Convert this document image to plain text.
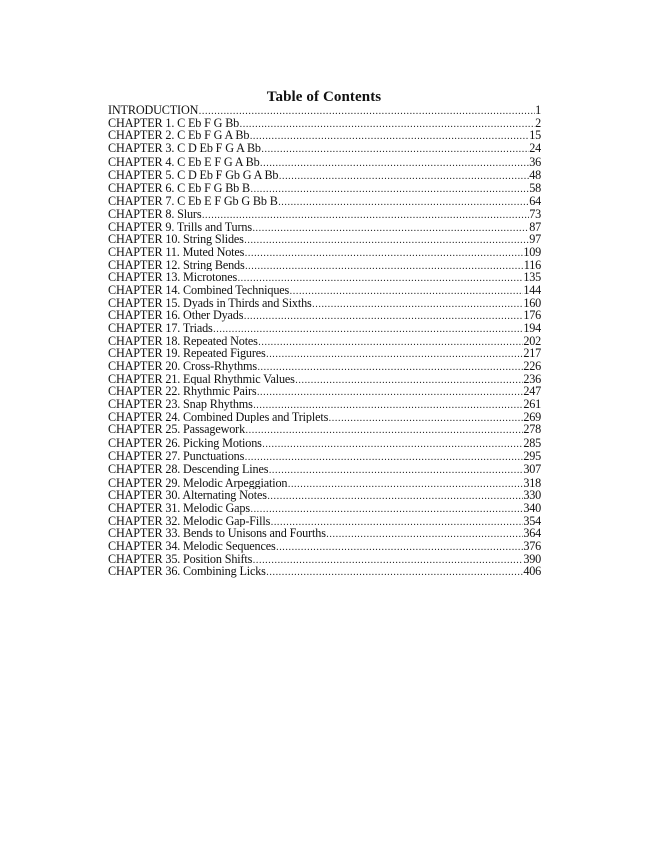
Table of Contents
INTRODUCTION .....	1
CHAPTER 1. C Eb F G Bb .....	2
CHAPTER 2. C Eb F G A Bb .....	15
CHAPTER 3. C D Eb F G A Bb .....	24
CHAPTER 4. C Eb E F G A Bb .....	36
CHAPTER 5. C D Eb F Gb G A Bb .....	48
CHAPTER 6. C Eb F G Bb B .....	58
CHAPTER 7. C Eb E F Gb G Bb B .....	64
CHAPTER 8. Slurs .....	73
CHAPTER 9. Trills and Turns .....	87
CHAPTER 10. String Slides .....	97
CHAPTER 11. Muted Notes .....	109
CHAPTER 12. String Bends .....	116
CHAPTER 13. Microtones .....	135
CHAPTER 14. Combined Techniques .....	144
CHAPTER 15. Dyads in Thirds and Sixths .....	160
CHAPTER 16. Other Dyads .....	176
CHAPTER 17. Triads .....	194
CHAPTER 18. Repeated Notes .....	202
CHAPTER 19. Repeated Figures .....	217
CHAPTER 20. Cross-Rhythms .....	226
CHAPTER 21. Equal Rhythmic Values .....	236
CHAPTER 22. Rhythmic Pairs .....	247
CHAPTER 23. Snap Rhythms .....	261
CHAPTER 24. Combined Duples and Triplets .....	269
CHAPTER 25. Passagework .....	278
CHAPTER 26. Picking Motions .....	285
CHAPTER 27. Punctuations .....	295
CHAPTER 28. Descending Lines .....	307
CHAPTER 29. Melodic Arpeggiation .....	318
CHAPTER 30. Alternating Notes .....	330
CHAPTER 31. Melodic Gaps .....	340
CHAPTER 32. Melodic Gap-Fills .....	354
CHAPTER 33. Bends to Unisons and Fourths .....	364
CHAPTER 34. Melodic Sequences .....	376
CHAPTER 35. Position Shifts .....	390
CHAPTER 36. Combining Licks .....	406
